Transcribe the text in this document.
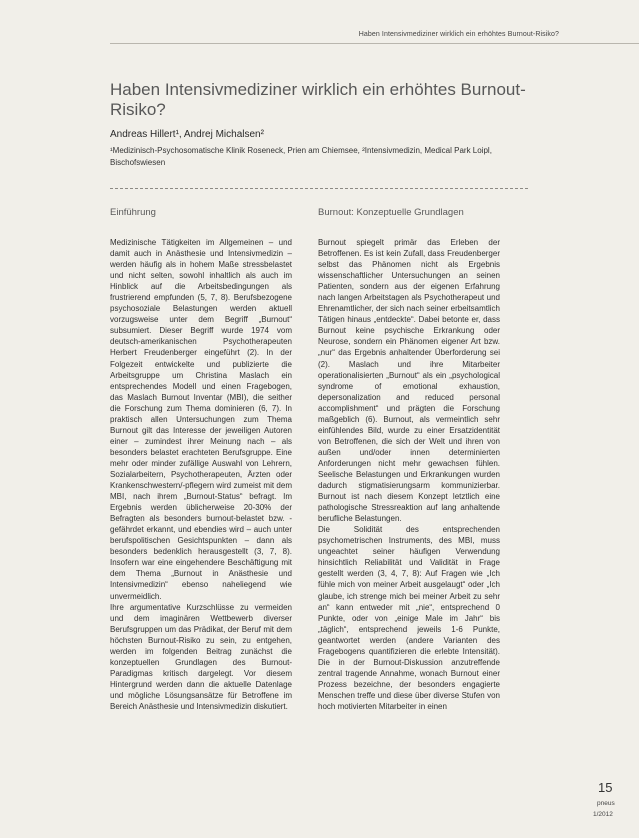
Haben Intensivmediziner wirklich ein erhöhtes Burnout-Risiko?
Haben Intensivmediziner wirklich ein erhöhtes Burnout-Risiko?
Andreas Hillert¹, Andrej Michalsen²
¹Medizinisch-Psychosomatische Klinik Roseneck, Prien am Chiemsee, ²Intensivmedizin, Medical Park Loipl, Bischofswiesen
Einführung	Burnout: Konzeptuelle Grundlagen

Medizinische Tätigkeiten im Allgemeinen – und damit auch in Anästhesie und Intensivmedizin – werden häufig als in hohem Maße stressbelastet und nicht selten, sowohl inhaltlich als auch im Hinblick auf die Arbeitsbedingungen als frustrierend empfunden (5, 7, 8). Berufsbezogene psychosoziale Belastungen werden aktuell vorzugsweise unter dem Begriff „Burnout“ subsumiert. Dieser Begriff wurde 1974 vom deutsch-amerikanischen Psychotherapeuten Herbert Freudenberger eingeführt (2). In der Folgezeit entwickelte und publizierte die Arbeitsgruppe um Christina Maslach ein entsprechendes Modell und einen Fragebogen, das Maslach Burnout Inventar (MBI), die seither die Forschung zum Thema dominieren (6, 7). In praktisch allen Untersuchungen zum Thema Burnout gilt das Interesse der jeweiligen Autoren einer – zumindest ihrer Meinung nach – als besonders belastet erachteten Berufsgruppe. Eine mehr oder minder zufällige Auswahl von Lehrern, Sozialarbeitern, Psychotherapeuten, Ärzten oder Krankenschwestern/-pflegern wird zumeist mit dem MBI, nach ihrem „Burnout-Status“ befragt. Im Ergebnis werden üblicherweise 20-30% der Befragten als besonders burnout-belastet bzw. -gefährdet erkannt, und ebendies wird – auch unter berufspolitischen Gesichtspunkten – dann als besonders bedenklich herausgestellt (3, 7, 8). Insofern war eine eingehendere Beschäftigung mit dem Thema „Burnout in Anästhesie und Intensivmedizin“ ebenso naheliegend wie unvermeidlich.

Ihre argumentative Kurzschlüsse zu vermeiden und dem imaginären Wettbewerb diverser Berufsgruppen um das Prädikat, der Beruf mit dem höchsten Burnout-Risiko zu sein, zu entgehen, werden im folgenden Beitrag zunächst die konzeptuellen Grundlagen des Burnout-Paradigmas kritisch dargelegt. Vor diesem Hintergrund werden dann die aktuelle Datenlage und mögliche Lösungsansätze für Betroffene im Bereich Anästhesie und Intensivmedizin diskutiert.

Burnout spiegelt primär das Erleben der Betroffenen. Es ist kein Zufall, dass Freudenberger selbst das Phänomen nicht als Ergebnis wissenschaftlicher Untersuchungen an seinen Patienten, sondern aus der eigenen Erfahrung nach langen Arbeitstagen als Psychotherapeut und Ehrenamtlicher, der sich nach seiner erbeitsamtlich Tätigen hinaus „entdeckte“. Dabei betonte er, dass Burnout keine psychische Erkrankung oder Neurose, sondern ein Phänomen eigener Art bzw. „nur“ das Ergebnis anhaltender Überforderung sei (2). Maslach und ihre Mitarbeiter operationalisierten „Burnout“ als ein „psychological syndrome of emotional exhaustion, depersonalization and reduced personal accomplishment“ und prägten die Forschung maßgeblich (6). Burnout, als vermeintlich sehr einfühlendes Bild, wurde zu einer Ersatzidentität von Betroffenen, die sich der Welt und ihren von außen und/oder innen determinierten Anforderungen nicht mehr gewachsen fühlen. Seelische Belastungen und Erkrankungen wurden dadurch stigmatisierungsarm kommunizierbar. Burnout ist nach diesem Konzept letztlich eine pathologische Stressreaktion auf lang anhaltende berufliche Belastungen.

Die Solidität des entsprechenden psychometrischen Instruments, des MBI, muss ungeachtet seiner häufigen Verwendung hinsichtlich Reliabilität und Validität in Frage gestellt werden (3, 4, 7, 8): Auf Fragen wie „Ich fühle mich von meiner Arbeit ausgelaugt“ oder „Ich glaube, ich strenge mich bei meiner Arbeit zu sehr an“ kann entweder mit „nie“, entsprechend 0 Punkte, oder von „einige Male im Jahr“ bis „täglich“, entsprechend jeweils 1-6 Punkte, geantwortet werden (andere Varianten des Fragebogens quantifizieren die erlebte Intensität). Die in der Burnout-Diskussion anzutreffende zentral tragende Annahme, wonach Burnout einer Prozess bezeichne, der besonders engagierte Menschen treffe und diese über diverse Stufen von hoch motivierten Mitarbeiter in einen

15
pneus
1/2012
